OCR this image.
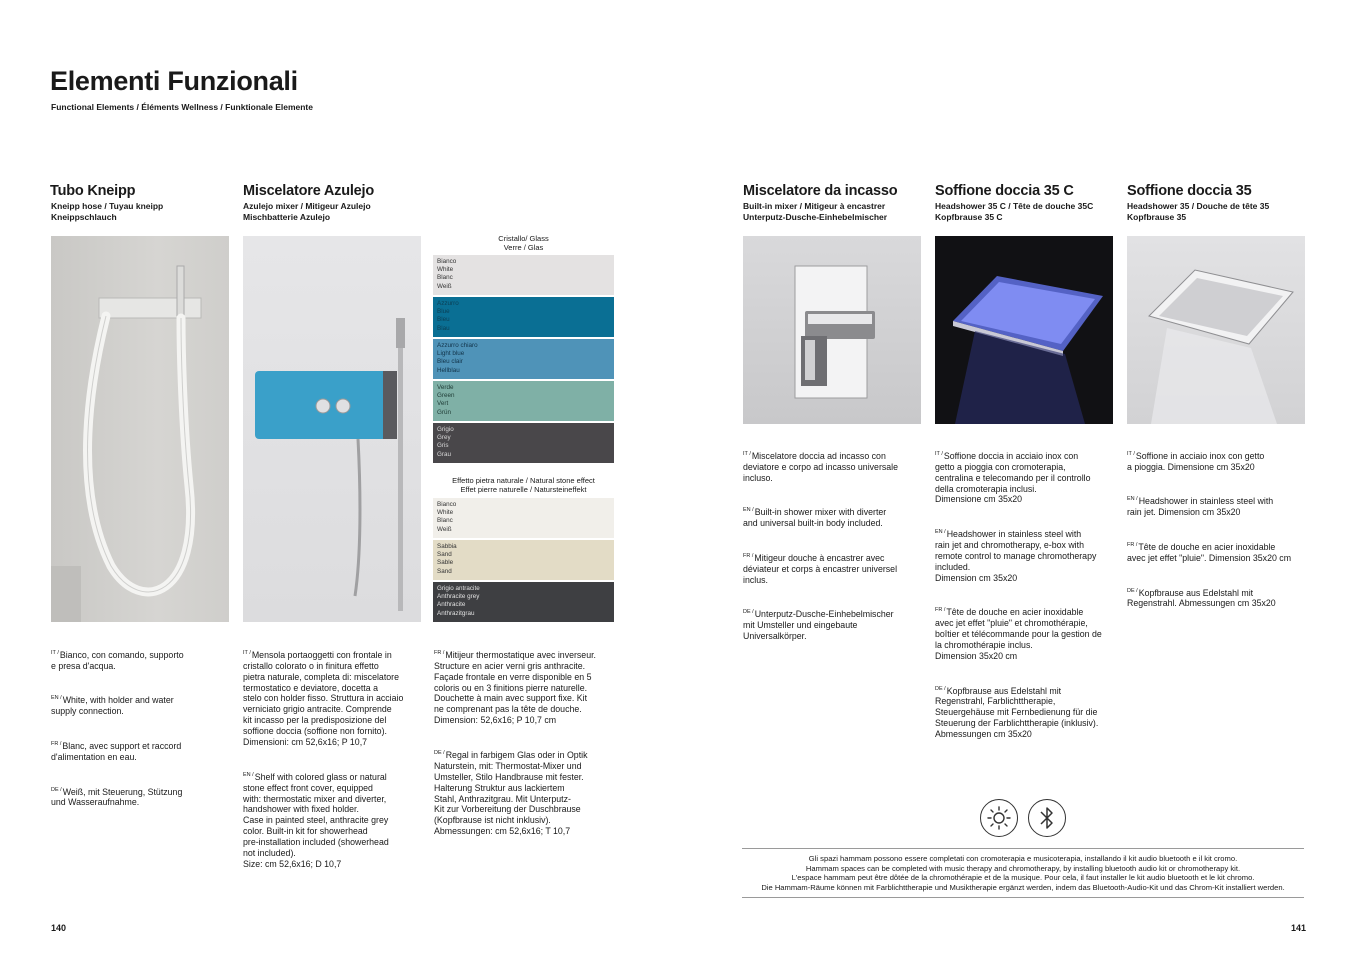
Elementi Funzionali
Functional Elements / Éléments Wellness / Funktionale Elemente
Tubo Kneipp
Kneipp hose / Tuyau kneipp
Kneippschlauch

$^{IT /}$Bianco, con comando, supporto
e presa d'acqua.

$^{EN /}$White, with holder and water
supply connection.

$^{FR /}$Blanc, avec support et raccord
d'alimentation en eau.

$^{DE /}$Weiß, mit Steuerung, Stützung
und Wasseraufnahme.

Miscelatore Azulejo
Azulejo mixer / Mitigeur Azulejo
Mischbatterie Azulejo
Cristallo/ Glass
Verre / Glas
Bianco
White
Blanc
Weiß
Azzurro
Blue
Bleu
Blau
Azzurro chiaro
Light blue
Bleu clair
Hellblau
Verde
Green
Vert
Grün
Grigio
Grey
Gris
Grau
Effetto pietra naturale / Natural stone effect
Effet pierre naturelle / Natursteineffekt
Bianco
White
Blanc
Weiß
Sabbia
Sand
Sable
Sand
Grigio antracite
Anthracite grey
Anthracite
Anthrazitgrau

$^{IT /}$Mensola portaoggetti con frontale in
cristallo colorato o in finitura effetto
pietra naturale, completa di: miscelatore
termostatico e deviatore, docetta a
stelo con holder fisso. Struttura in acciaio
verniciato grigio antracite. Comprende
kit incasso per la predisposizione del
soffione doccia (soffione non fornito).
Dimensioni: cm 52,6x16; P 10,7

$^{EN /}$Shelf with colored glass or natural
stone effect front cover, equipped
with: thermostatic mixer and diverter,
handshower with fixed holder.
Case in painted steel, anthracite grey
color. Built-in kit for showerhead
pre-installation included (showerhead
not included).
Size: cm 52,6x16; D 10,7

$^{FR /}$Mitijeur thermostatique avec inverseur.
Structure en acier verni gris anthracite.
Façade frontale en verre disponible en 5
coloris ou en 3 finitions pierre naturelle.
Douchette à main avec support fixe. Kit
ne comprenant pas la tête de douche.
Dimension: 52,6x16; P 10,7 cm

$^{DE /}$Regal in farbigem Glas oder in Optik
Naturstein, mit: Thermostat-Mixer und
Umsteller, Stilo Handbrause mit fester.
Halterung Struktur aus lackiertem
Stahl, Anthrazitgrau. Mit Unterputz-
Kit zur Vorbereitung der Duschbrause
(Kopfbrause ist nicht inklusiv).
Abmessungen: cm 52,6x16; T 10,7

140
Miscelatore da incasso
Built-in mixer / Mitigeur à encastrer
Unterputz-Dusche-Einhebelmischer

$^{IT /}$Miscelatore doccia ad incasso con
deviatore e corpo ad incasso universale
incluso.

$^{EN /}$Built-in shower mixer with diverter
and universal built-in body included.

$^{FR /}$Mitigeur douche à encastrer avec
déviateur et corps à encastrer universel
inclus.

$^{DE /}$Unterputz-Dusche-Einhebelmischer
mit Umsteller und eingebaute
Universalkörper.

Soffione doccia 35 C
Headshower 35 C / Tête de douche 35C
Kopfbrause 35 C

$^{IT /}$Soffione doccia in acciaio inox con
getto a pioggia con cromoterapia,
centralina e telecomando per il controllo
della cromoterapia inclusi.
Dimensione cm 35x20

$^{EN /}$Headshower in stainless steel with
rain jet and chromotherapy, e-box with
remote control to manage chromotherapy
included.
Dimension cm 35x20

$^{FR /}$Tête de douche en acier inoxidable
avec jet effet "pluie" et chromothérapie,
boîtier et télécommande pour la gestion de
la chromothérapie inclus.
Dimension 35x20 cm

$^{DE /}$Kopfbrause aus Edelstahl mit
Regenstrahl, Farblichttherapie,
Steuergehäuse mit Fernbedienung für die
Steuerung der Farblichttherapie (inklusiv).
Abmessungen cm 35x20

Soffione doccia 35
Headshower 35 / Douche de tête 35
Kopfbrause 35

$^{IT /}$Soffione in acciaio inox con getto
a pioggia. Dimensione cm 35x20

$^{EN /}$Headshower in stainless steel with
rain jet. Dimension cm 35x20

$^{FR /}$Tête de douche en acier inoxidable
avec jet effet "pluie". Dimension 35x20 cm

$^{DE /}$Kopfbrause aus Edelstahl mit
Regenstrahl. Abmessungen cm 35x20

Gli spazi hammam possono essere completati con cromoterapia e musicoterapia, installando il kit audio bluetooth e il kit cromo.
Hammam spaces can be completed with music therapy and chromotherapy, by installing bluetooth audio kit or chromotherapy kit.
L'espace hammam peut être dôtée de la chromothérapie et de la musique. Pour cela, il faut installer le kit audio bluetooth et le kit chromo.
Die Hammam-Räume können mit Farblichttherapie und Musiktherapie ergänzt werden, indem das Bluetooth-Audio-Kit und das Chrom-Kit installiert werden.
141
